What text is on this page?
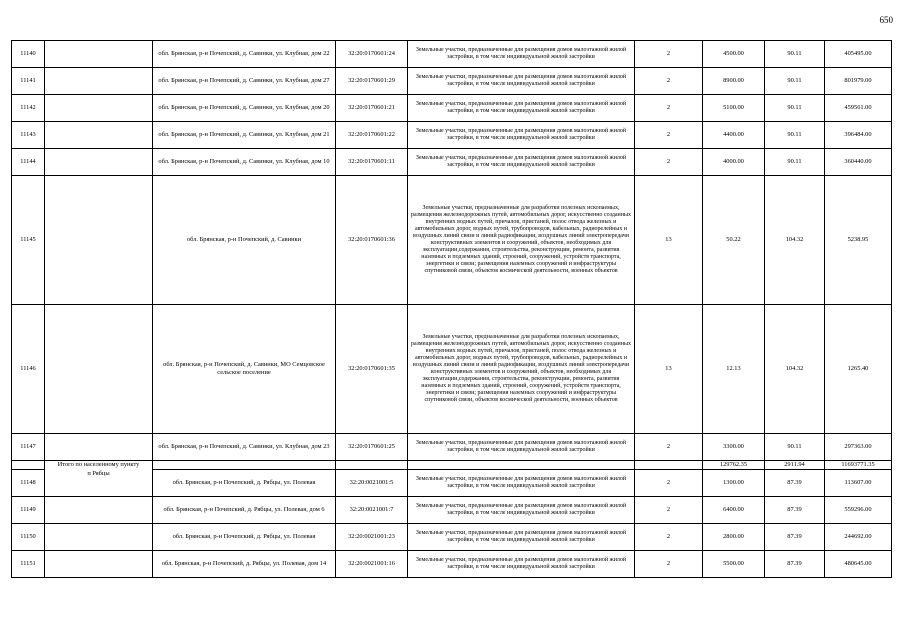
650
11140		обл. Брянская, р-н Почепский, д. Савинки, ул. Клубная, дом 22	32:20:0170601:24	Земельные участки, предназначенные для размещения домов малоэтажной жилой застройки, в том числе индивидуальной жилой застройки	2	4500.00	90.11	405495.00
11141		обл. Брянская, р-н Почепский, д. Савинки, ул. Клубная, дом 27	32:20:0170601:29	Земельные участки, предназначенные для размещения домов малоэтажной жилой застройки, в том числе индивидуальной жилой застройки	2	8900.00	90.11	801979.00
11142		обл. Брянская, р-н Почепский, д. Савинки, ул. Клубная, дом 20	32:20:0170601:21	Земельные участки, предназначенные для размещения домов малоэтажной жилой застройки, в том числе индивидуальной жилой застройки	2	5100.00	90.11	459561.00
11143		обл. Брянская, р-н Почепский, д. Савинки, ул. Клубная, дом 21	32:20:0170601:22	Земельные участки, предназначенные для размещения домов малоэтажной жилой застройки, в том числе индивидуальной жилой застройки	2	4400.00	90.11	396484.00
11144		обл. Брянская, р-н Почепский, д. Савинки, ул. Клубная, дом 10	32:20:0170601:11	Земельные участки, предназначенные для размещения домов малоэтажной жилой застройки, в том числе индивидуальной жилой застройки	2	4000.00	90.11	360440.00
11145		обл. Брянская, р-н Почепский, д. Савинки	32:20:0170601:36	Земельные участки, предназначенные для разработки полезных ископаемых, размещения железнодорожных путей, автомобильных дорог, искусственно созданных внутренних водных путей, причалов, пристаней, полос отвода железных и автомобильных дорог, водных путей, трубопроводов, кабельных, радиорелейных и воздушных линий связи и линий радиофикации, воздушных линий электропередачи конструктивных элементов и сооружений, объектов, необходимых для эксплуатации,содержания, строительства, реконструкции, ремонта, развития наземных и подземных зданий, строений, сооружений, устройств транспорта, энергетики и связи; размещения наземных сооружений и инфраструктуры спутниковой связи, объектов космической деятельности, военных объектов	13	50.22	104.32	5238.95
11146		обл. Брянская, р-н Почепский, д. Савинки, МО Семцовское сельское поселение	32:20:0170601:35	Земельные участки, предназначенные для разработки полезных ископаемых, размещения железнодорожных путей, автомобильных дорог, искусственно созданных внутренних водных путей, причалов, пристаней, полос отвода железных и автомобильных дорог, водных путей, трубопроводов, кабельных, радиорелейных и воздушных линий связи и линий радиофикации, воздушных линий электропередачи конструктивных элементов и сооружений, объектов, необходимых для эксплуатации,содержания, строительства, реконструкции, ремонта, развития наземных и подземных зданий, строений, сооружений, устройств транспорта, энергетики и связи; размещения наземных сооружений и инфраструктуры спутниковой связи, объектов космической деятельности, военных объектов	13	12.13	104.32	1265.40
11147		обл. Брянская, р-н Почепский, д. Савинки, ул. Клубная, дом 23	32:20:0170601:25	Земельные участки, предназначенные для размещения домов малоэтажной жилой застройки, в том числе индивидуальной жилой застройки	2	3300.00	90.11	297363.00
	Итого по населенному пункту					129762.35	2911.94	11693771.35
11148	п Рябцы	обл. Брянская, р-н Почепский, д. Рябцы, ул. Полевая	32:20:0021001:5	Земельные участки, предназначенные для размещения домов малоэтажной жилой застройки, в том числе индивидуальной жилой застройки	2	1300.00	87.39	113607.00
11149		обл. Брянская, р-н Почепский, д. Рябцы, ул. Полевая, дом 6	32:20:0021001:7	Земельные участки, предназначенные для размещения домов малоэтажной жилой застройки, в том числе индивидуальной жилой застройки	2	6400.00	87.39	559296.00
11150		обл. Брянская, р-н Почепский, д. Рябцы, ул. Полевая	32:20:0021001:23	Земельные участки, предназначенные для размещения домов малоэтажной жилой застройки, в том числе индивидуальной жилой застройки	2	2800.00	87.39	244692.00
11151		обл. Брянская, р-н Почепский, д. Рябцы, ул. Полевая, дом 14	32:20:0021001:16	Земельные участки, предназначенные для размещения домов малоэтажной жилой застройки, в том числе индивидуальной жилой застройки	2	5500.00	87.39	480645.00
